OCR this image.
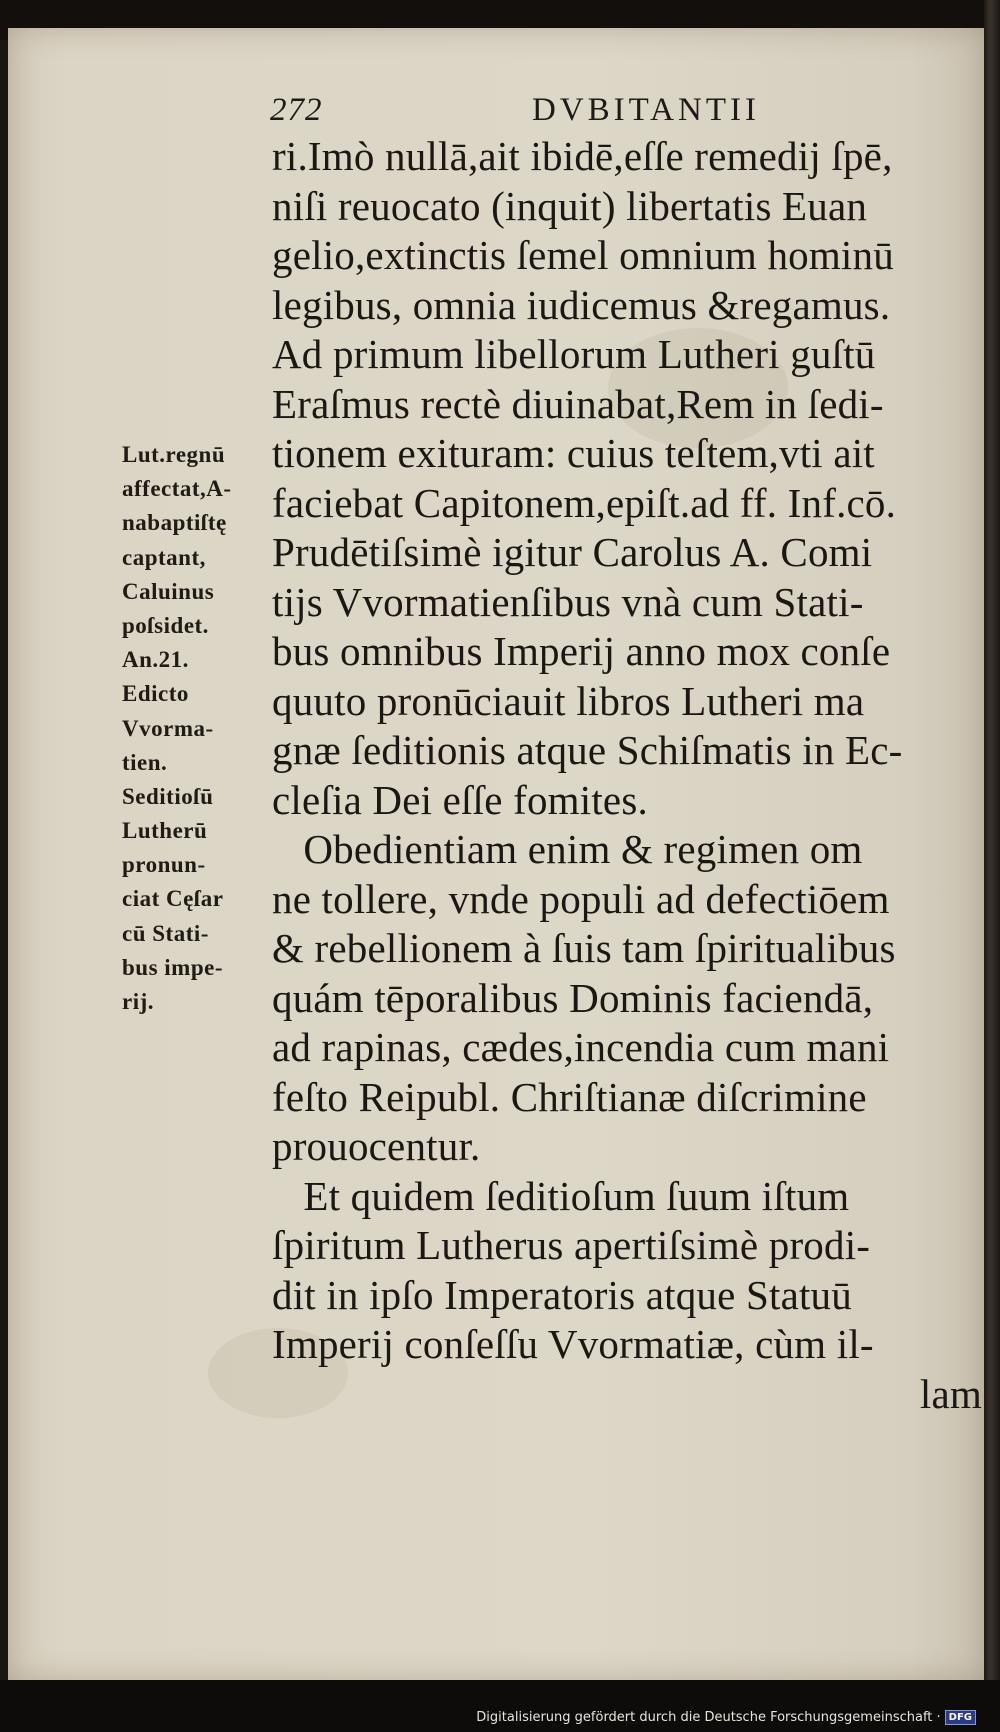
272	DVBITANTII
ri.Imò nullā,ait ibidē,eſſe remedij ſpē,
niſi reuocato (inquit) libertatis Euan
gelio,extinctis ſemel omnium hominū
legibus, omnia iudicemus &regamus.
Ad primum libellorum Lutheri guſtū
Eraſmus rectè diuinabat,Rem in ſedi-
tionem exituram: cuius teſtem,vti ait
faciebat Capitonem,epiſt.ad ff. Inf.cō.
Prudētiſsimè igitur Carolus A. Comi
tijs Vvormatienſibus vnà cum Stati-
bus omnibus Imperij anno mox conſe
quuto pronūciauit libros Lutheri ma
gnæ ſeditionis atque Schiſmatis in Ec-
cleſia Dei eſſe fomites.
Obedientiam enim & regimen om
ne tollere, vnde populi ad defectiōem
& rebellionem à ſuis tam ſpiritualibus
quám tēporalibus Dominis faciendā,
ad rapinas, cædes,incendia cum mani
feſto Reipubl. Chriſtianæ diſcrimine
prouocentur.
Et quidem ſeditioſum ſuum iſtum
ſpiritum Lutherus apertiſsimè prodi-
dit in ipſo Imperatoris atque Statuū
Imperij conſeſſu Vvormatiæ, cùm il-
lam
Lut.regnū
affectat,A-
nabaptiſtę
captant,
Caluinus
poſsidet.
An.21.
Edicto
Vvorma-
tien.
Seditioſū
Lutherū
pronun-
ciat Cęſar
cū Stati-
bus impe-
rij.
Digitalisierung gefördert durch die Deutsche Forschungsgemeinschaft · DFG
